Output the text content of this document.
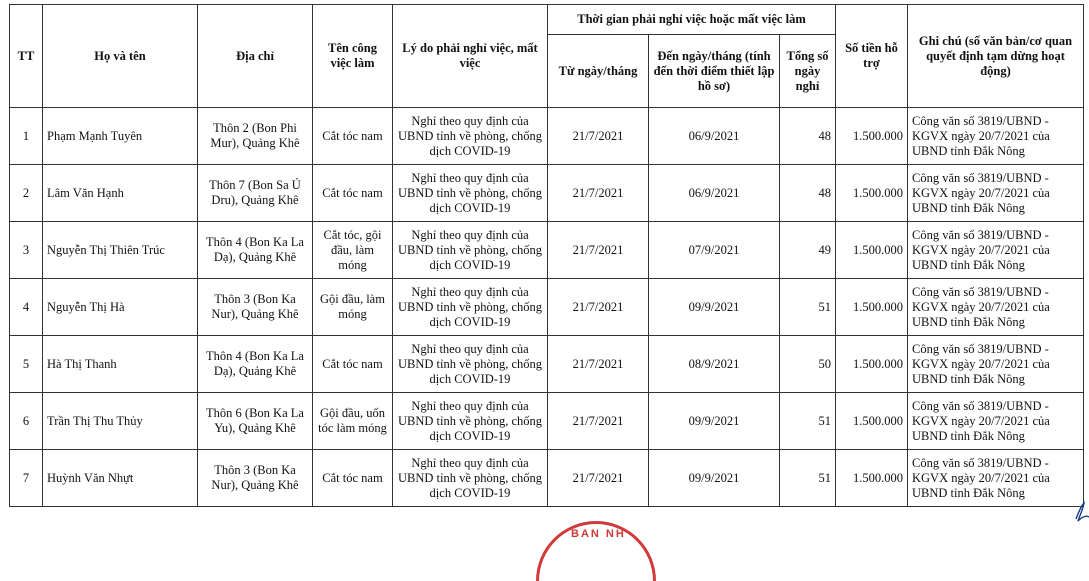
TT	Họ và tên	Địa chỉ	Tên công việc làm	Lý do phải nghỉ việc, mất việc	Thời gian phải nghỉ việc hoặc mất việc làm			Số tiền hỗ trợ	Ghi chú (số văn bản/cơ quan quyết định tạm dừng hoạt động)
					Từ ngày/tháng	Đến ngày/tháng (tính đến thời điểm thiết lập hồ sơ)	Tổng số ngày nghỉ		
1	Phạm Mạnh Tuyên	Thôn 2 (Bon Phi Mur), Quảng Khê	Cắt tóc nam	Nghỉ theo quy định của UBND tỉnh về phòng, chống dịch COVID-19	21/7/2021	06/9/2021	48	1.500.000	Công văn số 3819/UBND - KGVX ngày 20/7/2021 của UBND tỉnh Đắk Nông
2	Lâm Văn Hạnh	Thôn 7 (Bon Sa Ú Dru), Quảng Khê	Cắt tóc nam	Nghỉ theo quy định của UBND tỉnh về phòng, chống dịch COVID-19	21/7/2021	06/9/2021	48	1.500.000	Công văn số 3819/UBND - KGVX ngày 20/7/2021 của UBND tỉnh Đắk Nông
3	Nguyễn Thị Thiên Trúc	Thôn 4 (Bon Ka La Dạ), Quảng Khê	Cắt tóc, gội đầu, làm móng	Nghỉ theo quy định của UBND tỉnh về phòng, chống dịch COVID-19	21/7/2021	07/9/2021	49	1.500.000	Công văn số 3819/UBND - KGVX ngày 20/7/2021 của UBND tỉnh Đắk Nông
4	Nguyễn Thị Hà	Thôn 3 (Bon Ka Nur), Quảng Khê	Gội đầu, làm móng	Nghỉ theo quy định của UBND tỉnh về phòng, chống dịch COVID-19	21/7/2021	09/9/2021	51	1.500.000	Công văn số 3819/UBND - KGVX ngày 20/7/2021 của UBND tỉnh Đắk Nông
5	Hà Thị Thanh	Thôn 4 (Bon Ka La Dạ), Quảng Khê	Cắt tóc nam	Nghỉ theo quy định của UBND tỉnh về phòng, chống dịch COVID-19	21/7/2021	08/9/2021	50	1.500.000	Công văn số 3819/UBND - KGVX ngày 20/7/2021 của UBND tỉnh Đắk Nông
6	Trần Thị Thu Thủy	Thôn 6 (Bon Ka La Yu), Quảng Khê	Gội đầu, uốn tóc làm móng	Nghỉ theo quy định của UBND tỉnh về phòng, chống dịch COVID-19	21/7/2021	09/9/2021	51	1.500.000	Công văn số 3819/UBND - KGVX ngày 20/7/2021 của UBND tỉnh Đắk Nông
7	Huỳnh Văn Nhựt	Thôn 3 (Bon Ka Nur), Quảng Khê	Cắt tóc nam	Nghỉ theo quy định của UBND tỉnh về phòng, chống dịch COVID-19	21/7/2021	09/9/2021	51	1.500.000	Công văn số 3819/UBND - KGVX ngày 20/7/2021 của UBND tỉnh Đắk Nông
BAN NH
